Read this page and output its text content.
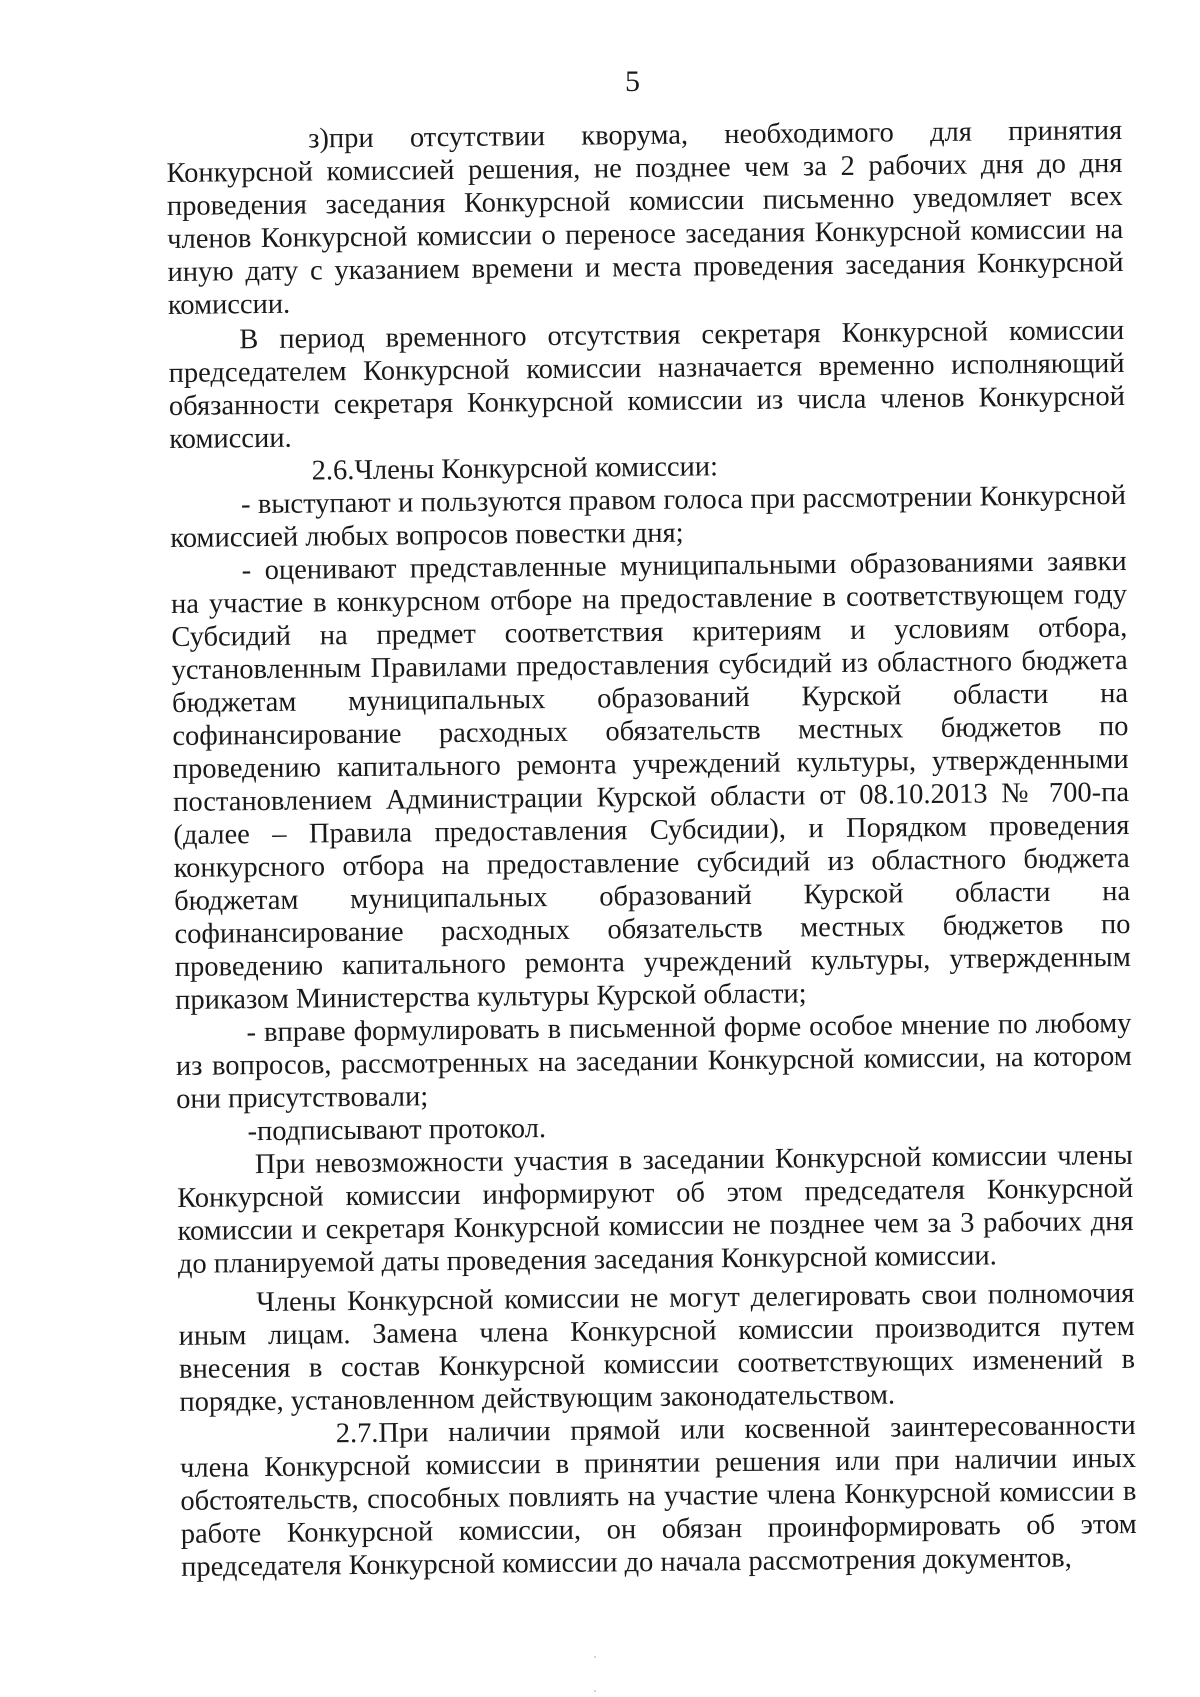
5

з)при отсутствии кворума, необходимого для принятия Конкурсной комиссией решения, не позднее чем за 2 рабочих дня до дня проведения заседания Конкурсной комиссии письменно уведомляет всех членов Конкурсной комиссии о переносе заседания Конкурсной комиссии на иную дату с указанием времени и места проведения заседания Конкурсной комиссии.

В период временного отсутствия секретаря Конкурсной комиссии председателем Конкурсной комиссии назначается временно исполняющий обязанности секретаря Конкурсной комиссии из числа членов Конкурсной комиссии.

2.6.Члены Конкурсной комиссии:

- выступают и пользуются правом голоса при рассмотрении Конкурсной комиссией любых вопросов повестки дня;

- оценивают представленные муниципальными образованиями заявки на участие в конкурсном отборе на предоставление в соответствующем году Субсидий на предмет соответствия критериям и условиям отбора, установленным Правилами предоставления субсидий из областного бюджета бюджетам муниципальных образований Курской области на софинансирование расходных обязательств местных бюджетов по проведению капитального ремонта учреждений культуры, утвержденными постановлением Администрации Курской области от 08.10.2013 № 700-па (далее – Правила предоставления Субсидии), и Порядком проведения конкурсного отбора на предоставление субсидий из областного бюджета бюджетам муниципальных образований Курской области на софинансирование расходных обязательств местных бюджетов по проведению капитального ремонта учреждений культуры, утвержденным приказом Министерства культуры Курской области;

- вправе формулировать в письменной форме особое мнение по любому из вопросов, рассмотренных на заседании Конкурсной комиссии, на котором они присутствовали;

-подписывают протокол.

При невозможности участия в заседании Конкурсной комиссии члены Конкурсной комиссии информируют об этом председателя Конкурсной комиссии и секретаря Конкурсной комиссии не позднее чем за 3 рабочих дня до планируемой даты проведения заседания Конкурсной комиссии.

Члены Конкурсной комиссии не могут делегировать свои полномочия иным лицам. Замена члена Конкурсной комиссии производится путем внесения в состав Конкурсной комиссии соответствующих изменений в порядке, установленном действующим законодательством.

2.7.При наличии прямой или косвенной заинтересованности члена Конкурсной комиссии в принятии решения или при наличии иных обстоятельств, способных повлиять на участие члена Конкурсной комиссии в работе Конкурсной комиссии, он обязан проинформировать об этом председателя Конкурсной комиссии до начала рассмотрения документов,
